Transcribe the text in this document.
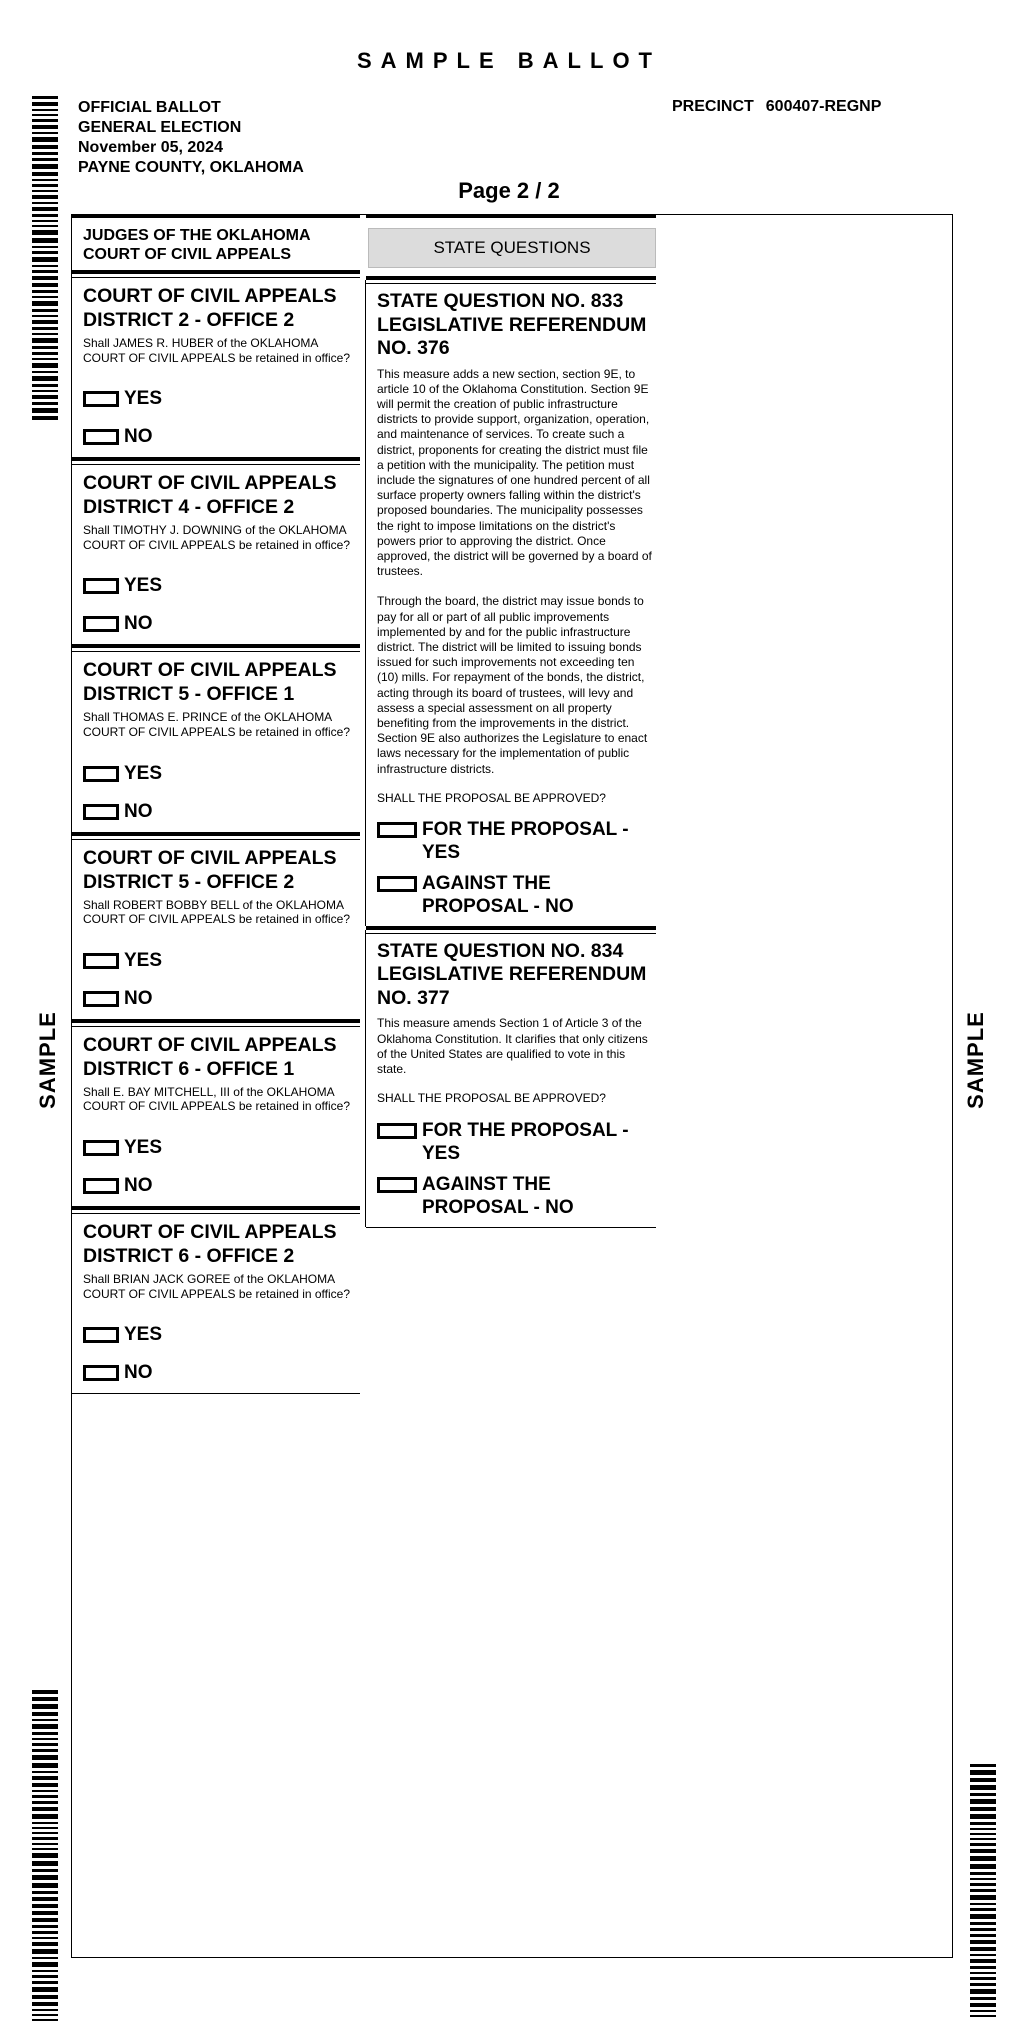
SAMPLE BALLOT
OFFICIAL BALLOT
GENERAL ELECTION
November 05, 2024
PAYNE COUNTY, OKLAHOMA
PRECINCT 600407-REGNP
Page 2 / 2
SAMPLE	SAMPLE
JUDGES OF THE OKLAHOMA COURT OF CIVIL APPEALS
COURT OF CIVIL APPEALS DISTRICT 2 - OFFICE 2

Shall JAMES R. HUBER of the OKLAHOMA COURT OF CIVIL APPEALS be retained in office?

YES
NO
COURT OF CIVIL APPEALS DISTRICT 4 - OFFICE 2

Shall TIMOTHY J. DOWNING of the OKLAHOMA COURT OF CIVIL APPEALS be retained in office?

YES
NO
COURT OF CIVIL APPEALS DISTRICT 5 - OFFICE 1

Shall THOMAS E. PRINCE of the OKLAHOMA COURT OF CIVIL APPEALS be retained in office?

YES
NO
COURT OF CIVIL APPEALS DISTRICT 5 - OFFICE 2

Shall ROBERT BOBBY BELL of the OKLAHOMA COURT OF CIVIL APPEALS be retained in office?

YES
NO
COURT OF CIVIL APPEALS DISTRICT 6 - OFFICE 1

Shall E. BAY MITCHELL, III of the OKLAHOMA COURT OF CIVIL APPEALS be retained in office?

YES
NO
COURT OF CIVIL APPEALS DISTRICT 6 - OFFICE 2

Shall BRIAN JACK GOREE of the OKLAHOMA COURT OF CIVIL APPEALS be retained in office?

YES
NO
STATE QUESTIONS
STATE QUESTION NO. 833 LEGISLATIVE REFERENDUM NO. 376

This measure adds a new section, section 9E, to article 10 of the Oklahoma Constitution. Section 9E will permit the creation of public infrastructure districts to provide support, organization, operation, and maintenance of services. To create such a district, proponents for creating the district must file a petition with the municipality. The petition must include the signatures of one hundred percent of all surface property owners falling within the district's proposed boundaries. The municipality possesses the right to impose limitations on the district's powers prior to approving the district. Once approved, the district will be governed by a board of trustees.

Through the board, the district may issue bonds to pay for all or part of all public improvements implemented by and for the public infrastructure district. The district will be limited to issuing bonds issued for such improvements not exceeding ten (10) mills. For repayment of the bonds, the district, acting through its board of trustees, will levy and assess a special assessment on all property benefiting from the improvements in the district. Section 9E also authorizes the Legislature to enact laws necessary for the implementation of public infrastructure districts.

SHALL THE PROPOSAL BE APPROVED?

FOR THE PROPOSAL - YES
AGAINST THE PROPOSAL - NO
STATE QUESTION NO. 834 LEGISLATIVE REFERENDUM NO. 377

This measure amends Section 1 of Article 3 of the Oklahoma Constitution. It clarifies that only citizens of the United States are qualified to vote in this state.

SHALL THE PROPOSAL BE APPROVED?

FOR THE PROPOSAL - YES
AGAINST THE PROPOSAL - NO
